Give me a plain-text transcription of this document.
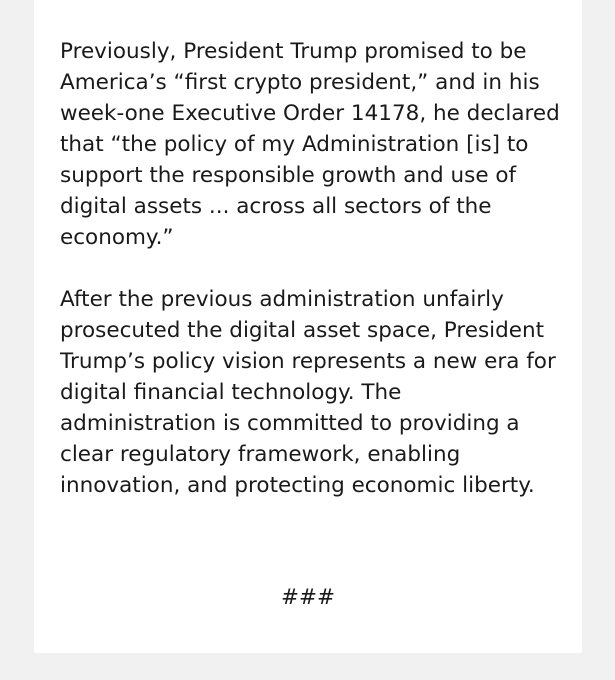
Previously, President Trump promised to be
America’s “first crypto president,” and in his
week-one Executive Order 14178, he declared
that “the policy of my Administration [is] to
support the responsible growth and use of
digital assets ... across all sectors of the
economy.”

After the previous administration unfairly
prosecuted the digital asset space, President
Trump’s policy vision represents a new era for
digital financial technology. The
administration is committed to providing a
clear regulatory framework, enabling
innovation, and protecting economic liberty.

###
